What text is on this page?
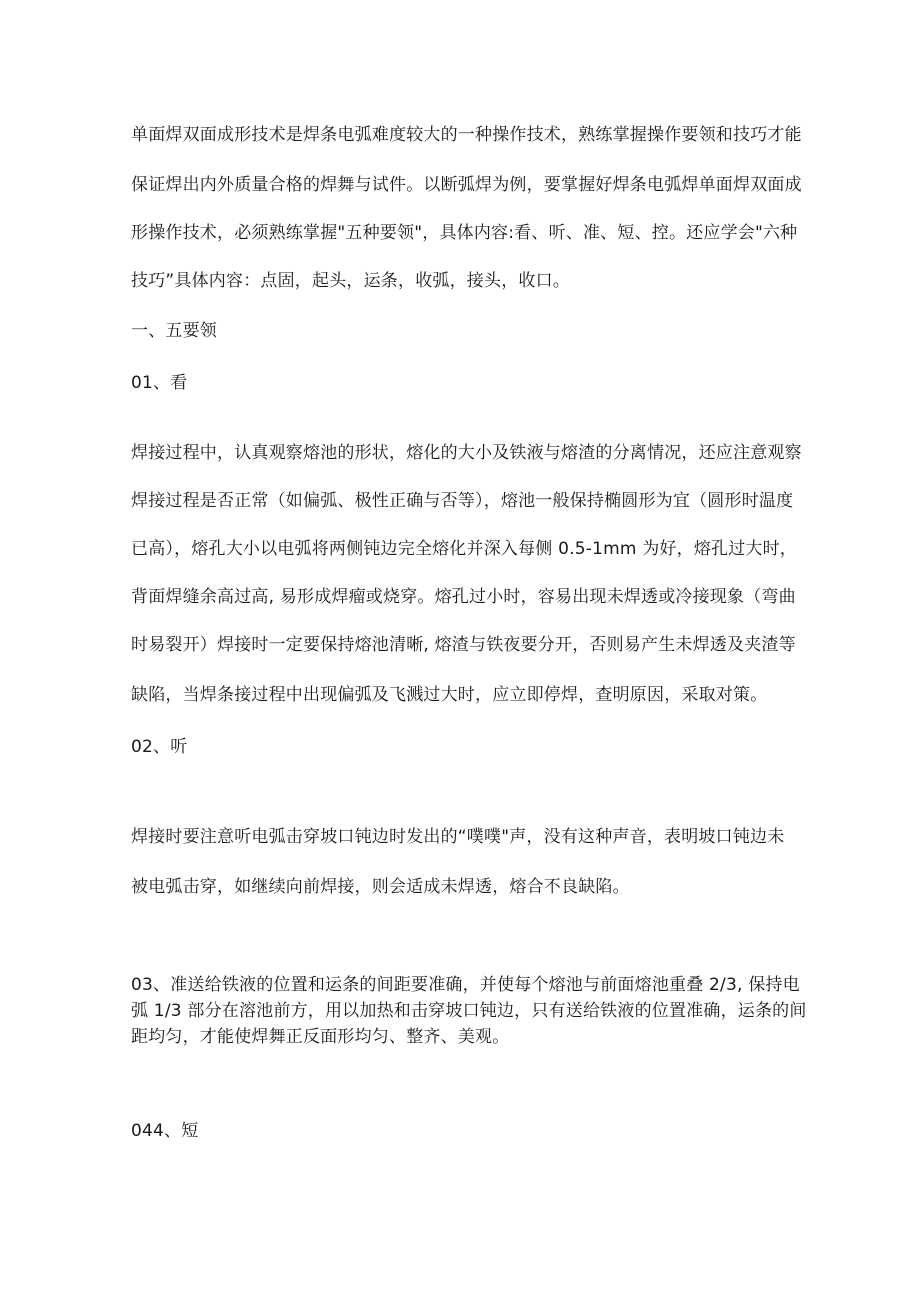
单面焊双面成形技术是焊条电弧难度较大的一种操作技术，熟练掌握操作要领和技巧才能
保证焊出内外质量合格的焊舞与试件。以断弧焊为例，要掌握好焊条电弧焊单面焊双面成
形操作技术，必须熟练掌握"五种要领"，具体内容:看、听、准、短、控。还应学会"六种
技巧”具体内容：点固，起头，运条，收弧，接头，收口。
一、五要领
01、看
焊接过程中，认真观察熔池的形状，熔化的大小及铁液与熔渣的分离情况，还应注意观察
焊接过程是否正常（如偏弧、极性正确与否等），熔池一般保持椭圆形为宜（圆形时温度
已高），熔孔大小以电弧将两侧钝边完全熔化并深入每侧 0.5-1mm 为好，熔孔过大时，
背面焊缝余高过高, 易形成焊瘤或烧穿。熔孔过小时，容易出现未焊透或冷接现象（弯曲
时易裂开）焊接时一定要保持熔池清晰, 熔渣与铁夜要分开，否则易产生未焊透及夹渣等
缺陷，当焊条接过程中出现偏弧及飞溅过大时，应立即停焊，查明原因，采取对策。
02、听
焊接时要注意听电弧击穿坡口钝边时发出的“噗噗"声，没有这种声音，表明坡口钝边未
被电弧击穿，如继续向前焊接，则会适成未焊透，熔合不良缺陷。
03、准送给铁液的位置和运条的间距要准确，并使每个熔池与前面熔池重叠 2/3, 保持电
弧 1/3 部分在溶池前方，用以加热和击穿坡口钝边，只有送给铁液的位置准确，运条的间
距均匀，才能使焊舞正反面形均匀、整齐、美观。
044、短
